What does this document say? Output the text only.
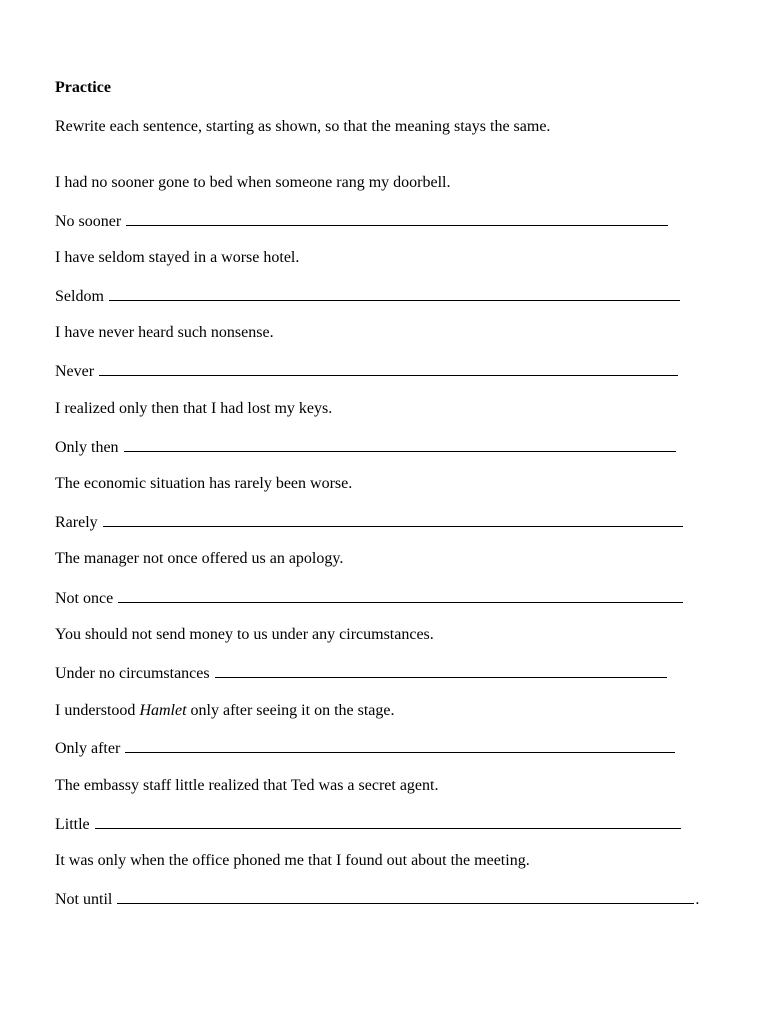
Practice
Rewrite each sentence, starting as shown, so that the meaning stays the same.
I had no sooner gone to bed when someone rang my doorbell.
No sooner
I have seldom stayed in a worse hotel.
Seldom
I have never heard such nonsense.
Never
I realized only then that I had lost my keys.
Only then
The economic situation has rarely been worse.
Rarely
The manager not once offered us an apology.
Not once
You should not send money to us under any circumstances.
Under no circumstances
I understood Hamlet only after seeing it on the stage.
Only after
The embassy staff little realized that Ted was a secret agent.
Little
It was only when the office phoned me that I found out about the meeting.
Not until	.
